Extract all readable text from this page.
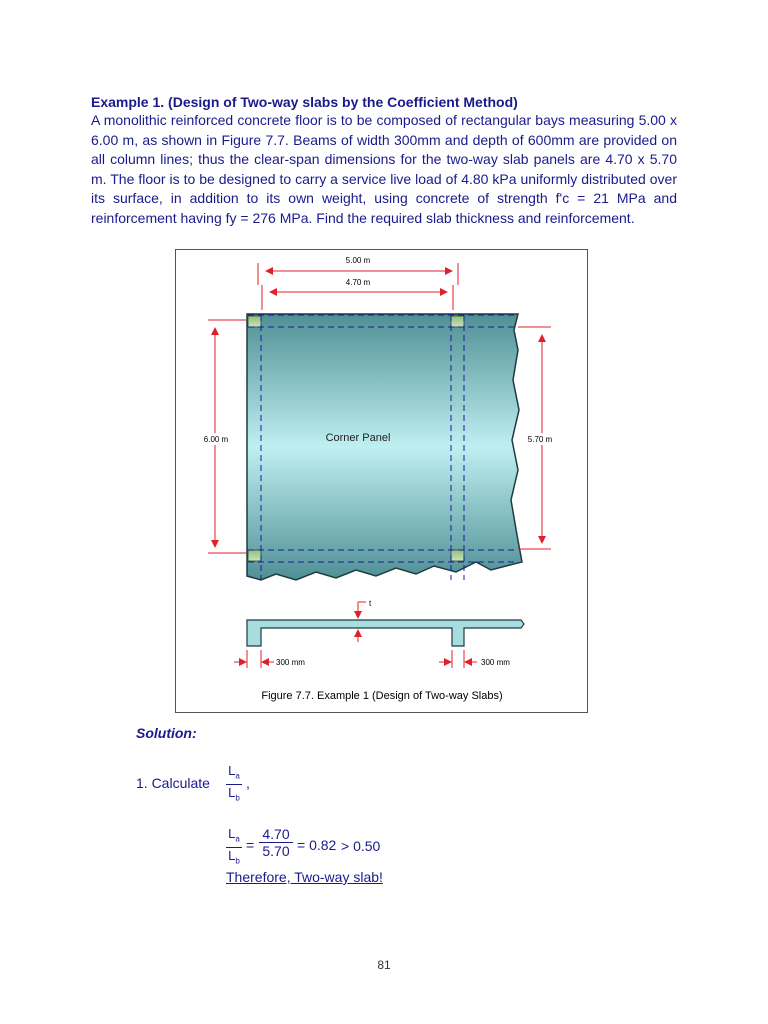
Example 1. (Design of Two-way slabs by the Coefficient Method)

A monolithic reinforced concrete floor is to be composed of rectangular bays measuring 5.00 x 6.00 m, as shown in Figure 7.7. Beams of width 300mm and depth of 600mm are provided on all column lines; thus the clear-span dimensions for the two-way slab panels are 4.70 x 5.70 m. The floor is to be designed to carry a service live load of 4.80 kPa uniformly distributed over its surface, in addition to its own weight, using concrete of strength f'c = 21 MPa and reinforcement having fy = 276 MPa. Find the required slab thickness and reinforcement.

5.00 m
4.70 m
Corner Panel
6.00 m	5.70 m
t
300 mm	300 mm
Figure 7.7. Example 1 (Design of Two-way Slabs)
Solution:
1. Calculate $\frac{L_a}{L_b}$ ,
$\frac{L_a}{L_b} = \frac{4.70}{5.70} = 0.82 > 0.50$
Therefore, Two-way slab!
81
